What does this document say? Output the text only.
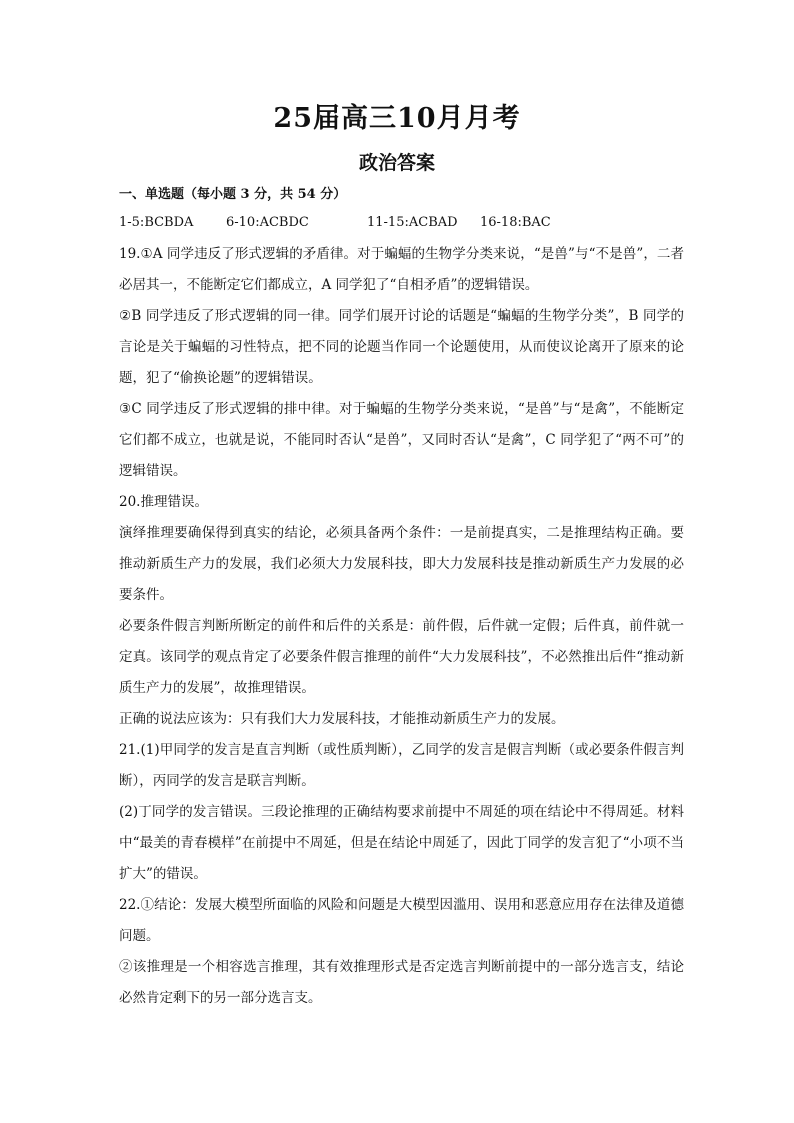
25届高三10月月考
政治答案
一、单选题（每小题 3 分，共 54 分）
1-5:BCBDA	6-10:ACBDC	11-15:ACBAD 16-18:BAC

19.①A 同学违反了形式逻辑的矛盾律。对于蝙蝠的生物学分类来说，“是兽”与“不是兽”，二者必居其一，不能断定它们都成立，A 同学犯了“自相矛盾”的逻辑错误。

②B 同学违反了形式逻辑的同一律。同学们展开讨论的话题是“蝙蝠的生物学分类”，B 同学的言论是关于蝙蝠的习性特点，把不同的论题当作同一个论题使用，从而使议论离开了原来的论题，犯了“偷换论题”的逻辑错误。

③C 同学违反了形式逻辑的排中律。对于蝙蝠的生物学分类来说，“是兽”与“是禽”，不能断定它们都不成立，也就是说，不能同时否认“是兽”，又同时否认“是禽”，C 同学犯了“两不可”的逻辑错误。

20.推理错误。

演绎推理要确保得到真实的结论，必须具备两个条件：一是前提真实，二是推理结构正确。要推动新质生产力的发展，我们必须大力发展科技，即大力发展科技是推动新质生产力发展的必要条件。

必要条件假言判断所断定的前件和后件的关系是：前件假，后件就一定假；后件真，前件就一定真。该同学的观点肯定了必要条件假言推理的前件“大力发展科技”，不必然推出后件“推动新质生产力的发展”，故推理错误。

正确的说法应该为：只有我们大力发展科技，才能推动新质生产力的发展。

21.(1)甲同学的发言是直言判断（或性质判断），乙同学的发言是假言判断（或必要条件假言判断），丙同学的发言是联言判断。

(2)丁同学的发言错误。三段论推理的正确结构要求前提中不周延的项在结论中不得周延。材料中“最美的青春模样”在前提中不周延，但是在结论中周延了，因此丁同学的发言犯了“小项不当扩大”的错误。

22.①结论：发展大模型所面临的风险和问题是大模型因滥用、误用和恶意应用存在法律及道德问题。

②该推理是一个相容选言推理，其有效推理形式是否定选言判断前提中的一部分选言支，结论必然肯定剩下的另一部分选言支。
